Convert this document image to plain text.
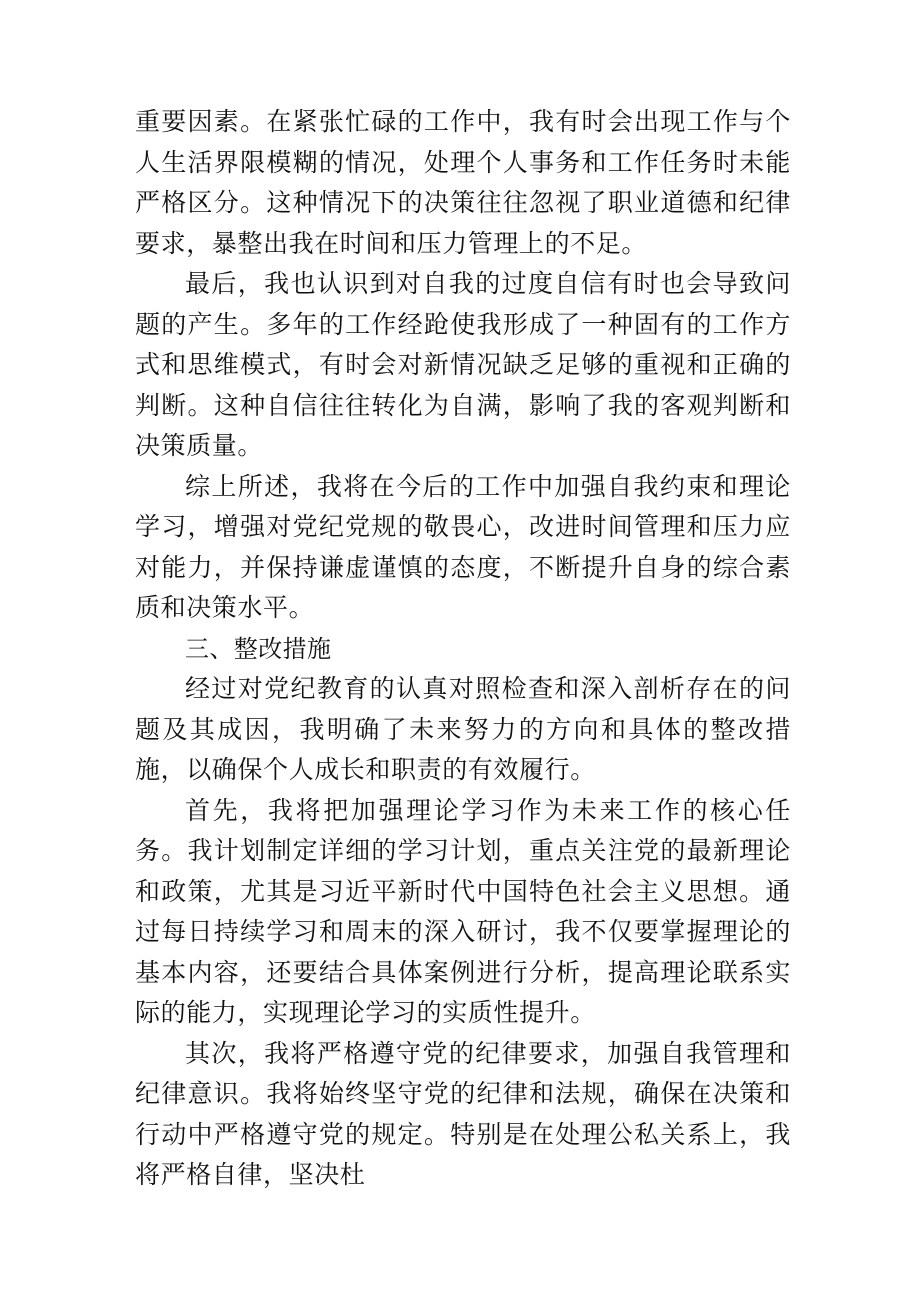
重要因素。在紧张忙碌的工作中，我有时会出现工作与个人生活界限模糊的情况，处理个人事务和工作任务时未能严格区分。这种情况下的决策往往忽视了职业道德和纪律要求，暴整出我在时间和压力管理上的不足。

最后，我也认识到对自我的过度自信有时也会导致问题的产生。多年的工作经跄使我形成了一种固有的工作方式和思维模式，有时会对新情况缺乏足够的重视和正确的判断。这种自信往往转化为自满，影响了我的客观判断和决策质量。

综上所述，我将在今后的工作中加强自我约束和理论学习，增强对党纪党规的敬畏心，改进时间管理和压力应对能力，并保持谦虚谨慎的态度，不断提升自身的综合素质和决策水平。

三、整改措施

经过对党纪教育的认真对照检查和深入剖析存在的问题及其成因，我明确了未来努力的方向和具体的整改措施，以确保个人成长和职责的有效履行。

首先，我将把加强理论学习作为未来工作的核心任务。我计划制定详细的学习计划，重点关注党的最新理论和政策，尤其是习近平新时代中国特色社会主义思想。通过每日持续学习和周末的深入研讨，我不仅要掌握理论的基本内容，还要结合具体案例进行分析，提高理论联系实际的能力，实现理论学习的实质性提升。

其次，我将严格遵守党的纪律要求，加强自我管理和纪律意识。我将始终坚守党的纪律和法规，确保在决策和行动中严格遵守党的规定。特别是在处理公私关系上，我将严格自律，坚决杜
